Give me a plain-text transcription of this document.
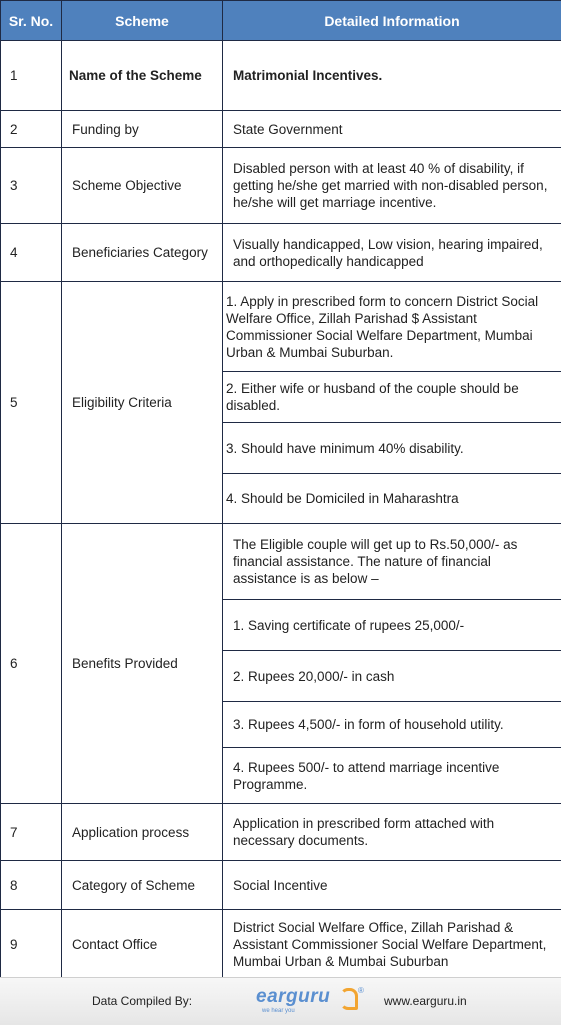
Sr. No.	Scheme	Detailed Information
1	Name of the Scheme	Matrimonial Incentives.
2	Funding by	State Government
3	Scheme Objective	Disabled person with at least 40 % of disability, if getting he/she get married with non-disabled person, he/she will get marriage incentive.
4	Beneficiaries Category	Visually handicapped, Low vision, hearing impaired, and orthopedically handicapped
5	Eligibility Criteria	1. Apply in prescribed form to concern District Social Welfare Office, Zillah Parishad $ Assistant Commissioner Social Welfare Department, Mumbai Urban & Mumbai Suburban.
		2. Either wife or husband of the couple should be disabled.
		3. Should have minimum 40% disability.
		4. Should be Domiciled in Maharashtra
6	Benefits Provided	The Eligible couple will get up to Rs.50,000/- as financial assistance. The nature of financial assistance is as below –
		1. Saving certificate of rupees 25,000/-
		2. Rupees 20,000/- in cash
		3. Rupees 4,500/- in form of household utility.
		4. Rupees 500/- to attend marriage incentive Programme.
7	Application process	Application in prescribed form attached with necessary documents.
8	Category of Scheme	Social Incentive
9	Contact Office	District Social Welfare Office, Zillah Parishad & Assistant Commissioner Social Welfare Department, Mumbai Urban & Mumbai Suburban
Data Compiled By:	earguru	®
we hear you
www.earguru.in
